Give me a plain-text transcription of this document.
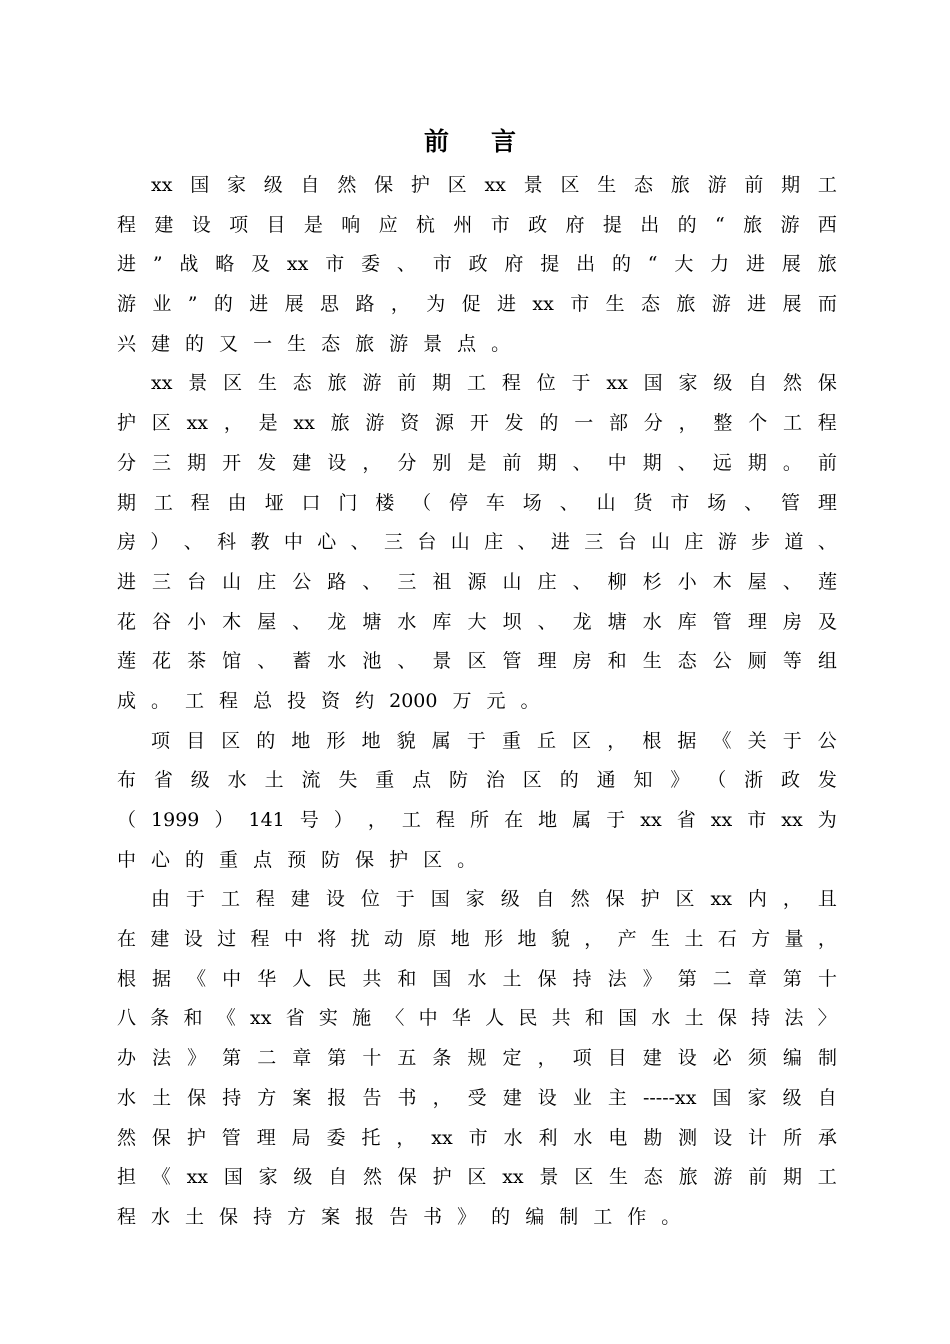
前 言
xx 国 家 级 自 然 保 护 区 xx 景 区 生 态 旅 游 前 期 工
程 建 设 项 目 是 响 应 杭 州 市 政 府 提 出 的 “ 旅 游 西
进 ” 战 略 及 xx 市 委 、 市 政 府 提 出 的 “ 大 力 进 展 旅
游 业 ” 的 进 展 思 路 ， 为 促 进 xx 市 生 态 旅 游 进 展 而
兴 建 的 又 一 生 态 旅 游 景 点 。
xx 景 区 生 态 旅 游 前 期 工 程 位 于 xx 国 家 级 自 然 保
护 区 xx ， 是 xx 旅 游 资 源 开 发 的 一 部 分 ， 整 个 工 程
分 三 期 开 发 建 设 ， 分 别 是 前 期 、 中 期 、 远 期 。 前
期 工 程 由 垭 口 门 楼 （ 停 车 场 、 山 货 市 场 、 管 理
房 ） 、 科 教 中 心 、 三 台 山 庄 、 进 三 台 山 庄 游 步 道 、
进 三 台 山 庄 公 路 、 三 祖 源 山 庄 、 柳 杉 小 木 屋 、 莲
花 谷 小 木 屋 、 龙 塘 水 库 大 坝 、 龙 塘 水 库 管 理 房 及
莲 花 茶 馆 、 蓄 水 池 、 景 区 管 理 房 和 生 态 公 厕 等 组
成 。 工 程 总 投 资 约 2000 万 元 。
项 目 区 的 地 形 地 貌 属 于 重 丘 区 ， 根 据 《 关 于 公
布 省 级 水 土 流 失 重 点 防 治 区 的 通 知 》 （ 浙 政 发
（ 1999 ） 141 号 ） ， 工 程 所 在 地 属 于 xx 省 xx 市 xx 为
中 心 的 重 点 预 防 保 护 区 。
由 于 工 程 建 设 位 于 国 家 级 自 然 保 护 区 xx 内 ， 且
在 建 设 过 程 中 将 扰 动 原 地 形 地 貌 ， 产 生 土 石 方 量 ，
根 据 《 中 华 人 民 共 和 国 水 土 保 持 法 》 第 二 章 第 十
八 条 和 《 xx 省 实 施 〈 中 华 人 民 共 和 国 水 土 保 持 法 〉
办 法 》 第 二 章 第 十 五 条 规 定 ， 项 目 建 设 必 须 编 制
水 土 保 持 方 案 报 告 书 ， 受 建 设 业 主 -----xx 国 家 级 自
然 保 护 管 理 局 委 托 ， xx 市 水 利 水 电 勘 测 设 计 所 承
担 《 xx 国 家 级 自 然 保 护 区 xx 景 区 生 态 旅 游 前 期 工
程 水 土 保 持 方 案 报 告 书 》 的 编 制 工 作 。
